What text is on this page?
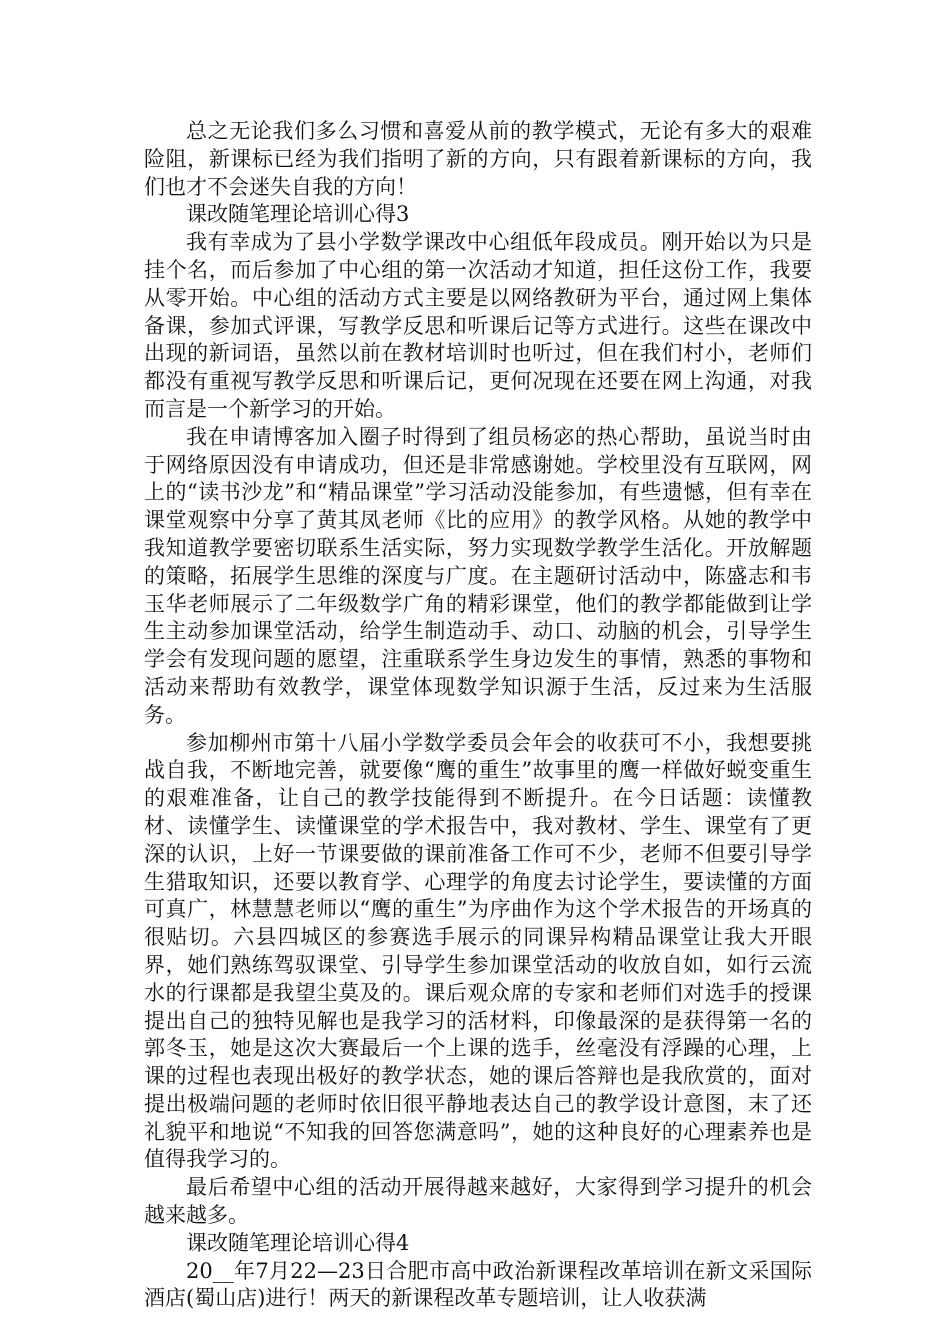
总之无论我们多么习惯和喜爱从前的教学模式，无论有多大的艰难险阻，新课标已经为我们指明了新的方向，只有跟着新课标的方向，我们也才不会迷失自我的方向！

课改随笔理论培训心得3

我有幸成为了县小学数学课改中心组低年段成员。刚开始以为只是挂个名，而后参加了中心组的第一次活动才知道，担任这份工作，我要从零开始。中心组的活动方式主要是以网络教研为平台，通过网上集体备课，参加式评课，写教学反思和听课后记等方式进行。这些在课改中出现的新词语，虽然以前在教材培训时也听过，但在我们村小，老师们都没有重视写教学反思和听课后记，更何况现在还要在网上沟通，对我而言是一个新学习的开始。

我在申请博客加入圈子时得到了组员杨宓的热心帮助，虽说当时由于网络原因没有申请成功，但还是非常感谢她。学校里没有互联网，网上的“读书沙龙”和“精品课堂”学习活动没能参加，有些遗憾，但有幸在课堂观察中分享了黄其凤老师《比的应用》的教学风格。从她的教学中我知道教学要密切联系生活实际，努力实现数学教学生活化。开放解题的策略，拓展学生思维的深度与广度。在主题研讨活动中，陈盛志和韦玉华老师展示了二年级数学广角的精彩课堂，他们的教学都能做到让学生主动参加课堂活动，给学生制造动手、动口、动脑的机会，引导学生学会有发现问题的愿望，注重联系学生身边发生的事情，熟悉的事物和活动来帮助有效教学，课堂体现数学知识源于生活，反过来为生活服务。

参加柳州市第十八届小学数学委员会年会的收获可不小，我想要挑战自我，不断地完善，就要像“鹰的重生”故事里的鹰一样做好蜕变重生的艰难准备，让自己的教学技能得到不断提升。在今日话题：读懂教材、读懂学生、读懂课堂的学术报告中，我对教材、学生、课堂有了更深的认识，上好一节课要做的课前准备工作可不少，老师不但要引导学生猎取知识，还要以教育学、心理学的角度去讨论学生，要读懂的方面可真广，林慧慧老师以“鹰的重生”为序曲作为这个学术报告的开场真的很贴切。六县四城区的参赛选手展示的同课异构精品课堂让我大开眼界，她们熟练驾驭课堂、引导学生参加课堂活动的收放自如，如行云流水的行课都是我望尘莫及的。课后观众席的专家和老师们对选手的授课提出自己的独特见解也是我学习的活材料，印像最深的是获得第一名的郭冬玉，她是这次大赛最后一个上课的选手，丝毫没有浮躁的心理，上课的过程也表现出极好的教学状态，她的课后答辩也是我欣赏的，面对提出极端问题的老师时依旧很平静地表达自己的教学设计意图，末了还礼貌平和地说“不知我的回答您满意吗”，她的这种良好的心理素养也是值得我学习的。

最后希望中心组的活动开展得越来越好，大家得到学习提升的机会越来越多。

课改随笔理论培训心得4

20__年7月22—23日合肥市高中政治新课程改革培训在新文采国际酒店(蜀山店)进行！两天的新课程改革专题培训，让人收获满
